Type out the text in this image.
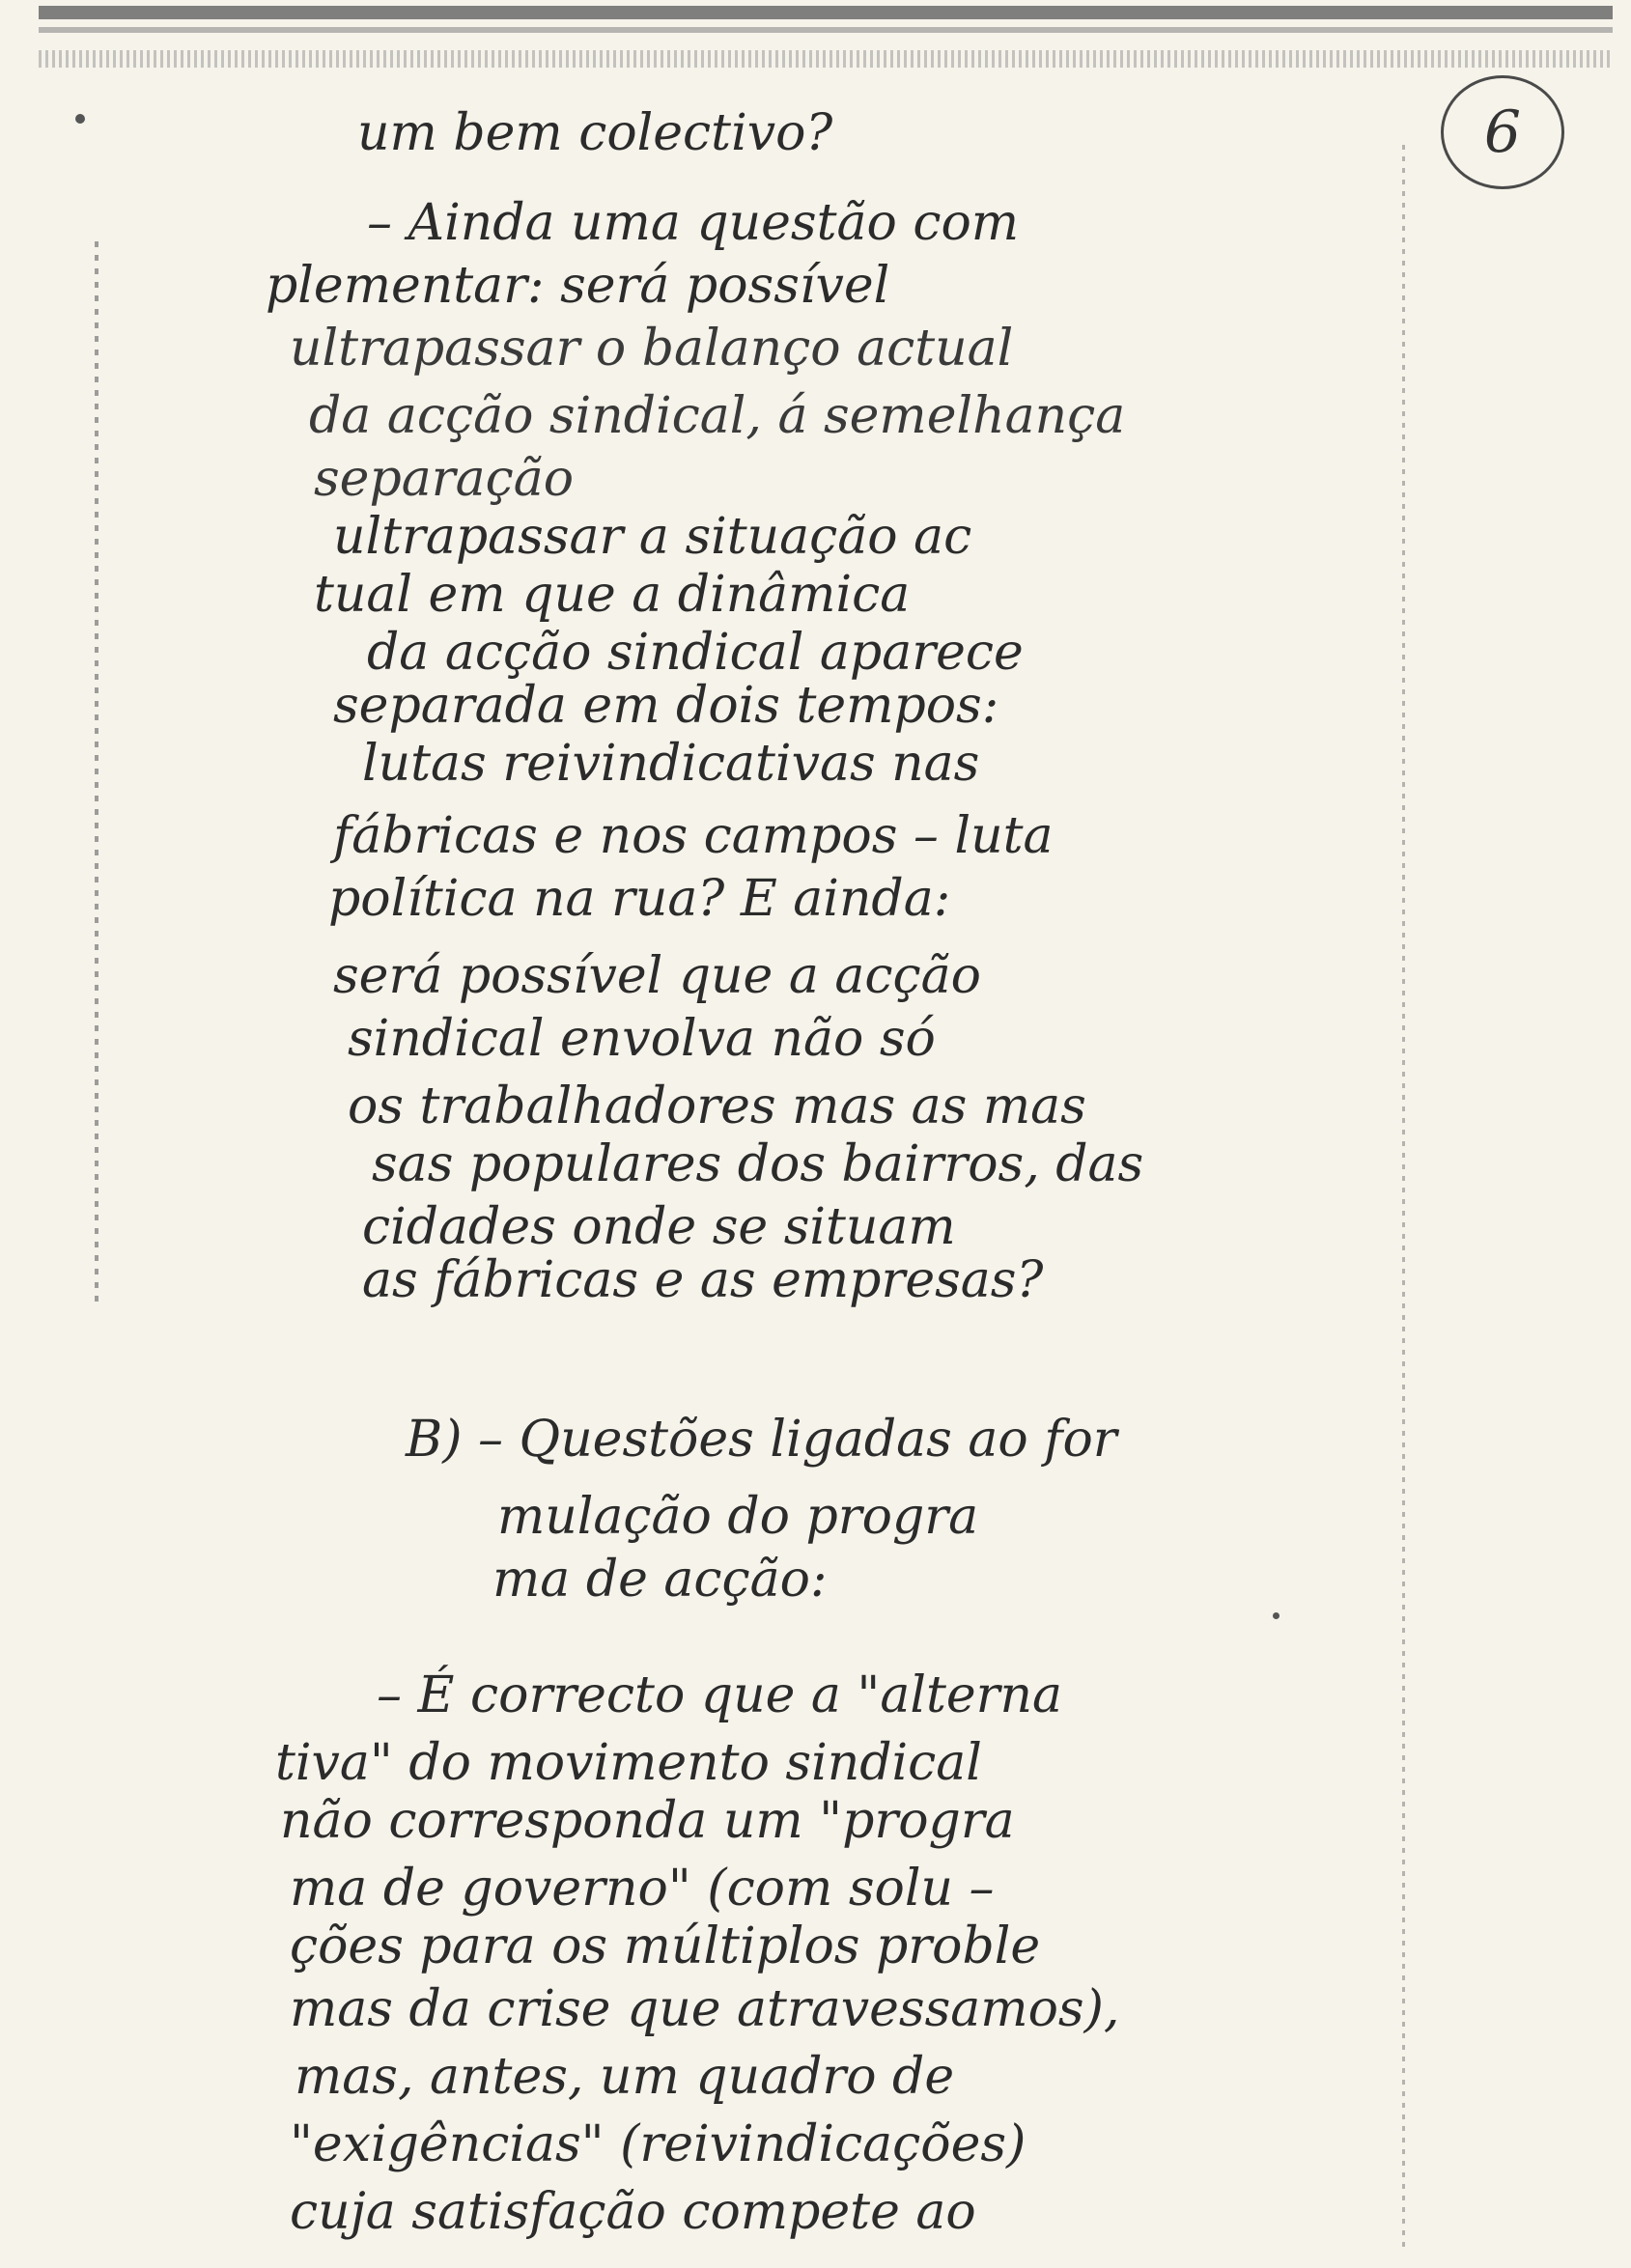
6
um bem colectivo?
– Ainda uma questão com
plementar: será possível
ultrapassar o balanço actual
da acção sindical, á semelhança
separação
ultrapassar a situação ac
tual em que a dinâmica
da acção sindical aparece
separada em dois tempos:
lutas reivindicativas nas
fábricas e nos campos – luta
política na rua? E ainda:
será possível que a acção
sindical envolva não só
os trabalhadores mas as mas
sas populares dos bairros, das
cidades onde se situam
as fábricas e as empresas?
B) – Questões ligadas ao for
mulação do progra
ma de acção:
– É correcto que a "alterna
tiva" do movimento sindical
não corresponda um "progra
ma de governo" (com solu –
ções para os múltiplos proble
mas da crise que atravessamos),
mas, antes, um quadro de
"exigências" (reivindicações)
cuja satisfação compete ao
